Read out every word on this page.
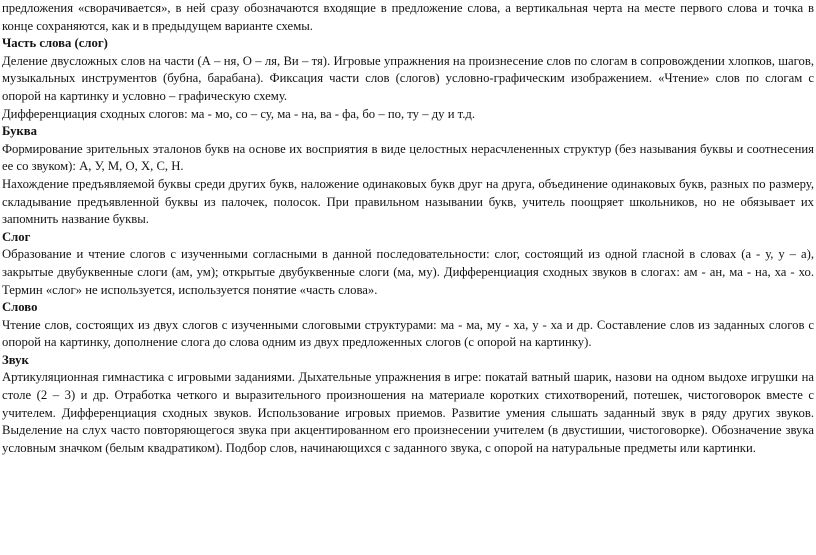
предложения «сворачивается», в ней сразу обозначаются входящие в предложение слова, а вертикальная черта на месте первого слова и точка в конце сохраняются, как и в предыдущем варианте схемы.

Часть слова (слог)

Деление двусложных слов на части (А – ня, О – ля, Ви – тя). Игровые упражнения на произнесение слов по слогам в сопровождении хлопков, шагов, музыкальных инструментов (бубна, барабана). Фиксация части слов (слогов) условно-графическим изображением. «Чтение» слов по слогам с опорой на картинку и условно – графическую схему.

Дифференциация сходных слогов: ма - мо, со – су, ма - на, ва - фа, бо – по, ту – ду и т.д.

Буква

Формирование зрительных эталонов букв на основе их восприятия в виде целостных нерасчлененных структур (без называния буквы и соотнесения ее со звуком): А, У, М, О, Х, С, Н.

Нахождение предъявляемой буквы среди других букв, наложение одинаковых букв друг на друга, объединение одинаковых букв, разных по размеру, складывание предъявленной буквы из палочек, полосок. При правильном назывании букв, учитель поощряет школьников, но не обязывает их запомнить название буквы.

Слог

Образование и чтение слогов с изученными согласными в данной последовательности: слог, состоящий из одной гласной в словах (а - у, у – а), закрытые двубуквенные слоги (ам, ум); открытые двубуквенные слоги (ма, му). Дифференциация сходных звуков в слогах: ам - ан, ма - на, ха - хо. Термин «слог» не используется, используется понятие «часть слова».

Слово

Чтение слов, состоящих из двух слогов с изученными слоговыми структурами: ма - ма, му - ха, у - ха и др. Составление слов из заданных слогов с опорой на картинку, дополнение слога до слова одним из двух предложенных слогов (с опорой на картинку).

Звук

Артикуляционная гимнастика с игровыми заданиями. Дыхательные упражнения в игре: покатай ватный шарик, назови на одном выдохе игрушки на столе (2 – 3) и др. Отработка четкого и выразительного произношения на материале коротких стихотворений, потешек, чистоговорок вместе с учителем. Дифференциация сходных звуков. Использование игровых приемов. Развитие умения слышать заданный звук в ряду других звуков. Выделение на слух часто повторяющегося звука при акцентированном его произнесении учителем (в двустишии, чистоговорке). Обозначение звука условным значком (белым квадратиком). Подбор слов, начинающихся с заданного звука, с опорой на натуральные предметы или картинки.
